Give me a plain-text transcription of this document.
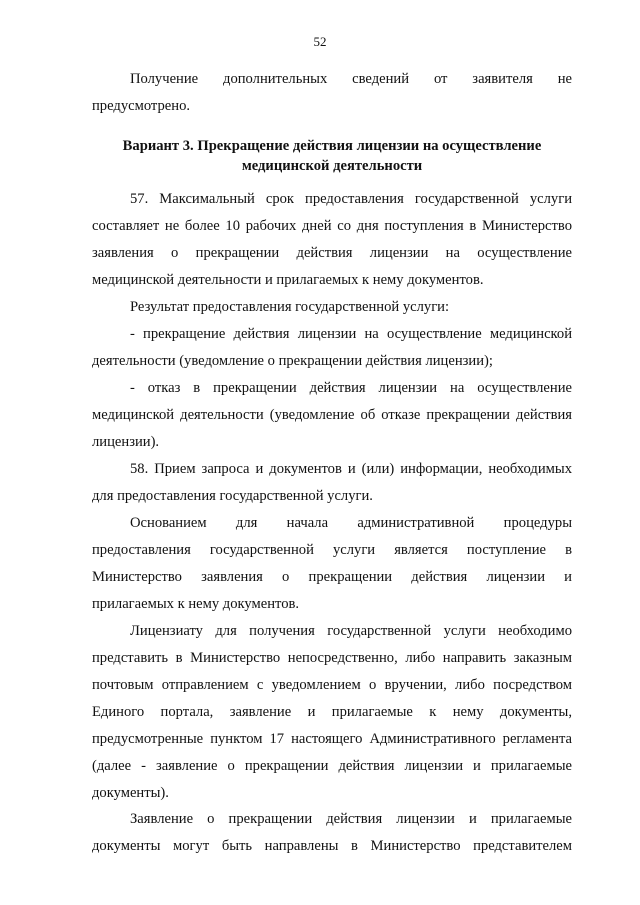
52
Получение дополнительных сведений от заявителя не
предусмотрено.
Вариант 3. Прекращение действия лицензии на осуществление
медицинской деятельности
57. Максимальный срок предоставления государственной услуги
составляет не более 10 рабочих дней со дня поступления в Министерство
заявления о прекращении действия лицензии на осуществление
медицинской деятельности и прилагаемых к нему документов.
Результат предоставления государственной услуги:
- прекращение действия лицензии на осуществление медицинской
деятельности (уведомление о прекращении действия лицензии);
- отказ в прекращении действия лицензии на осуществление
медицинской деятельности (уведомление об отказе прекращении действия
лицензии).
58. Прием запроса и документов и (или) информации, необходимых
для предоставления государственной услуги.
Основанием для начала административной процедуры
предоставления государственной услуги является поступление в
Министерство заявления о прекращении действия лицензии и
прилагаемых к нему документов.
Лицензиату для получения государственной услуги необходимо
представить в Министерство непосредственно, либо направить заказным
почтовым отправлением с уведомлением о вручении, либо посредством
Единого портала, заявление и прилагаемые к нему документы,
предусмотренные пунктом 17 настоящего Административного регламента
(далее - заявление о прекращении действия лицензии и прилагаемые
документы).
Заявление о прекращении действия лицензии и прилагаемые
документы могут быть направлены в Министерство представителем
